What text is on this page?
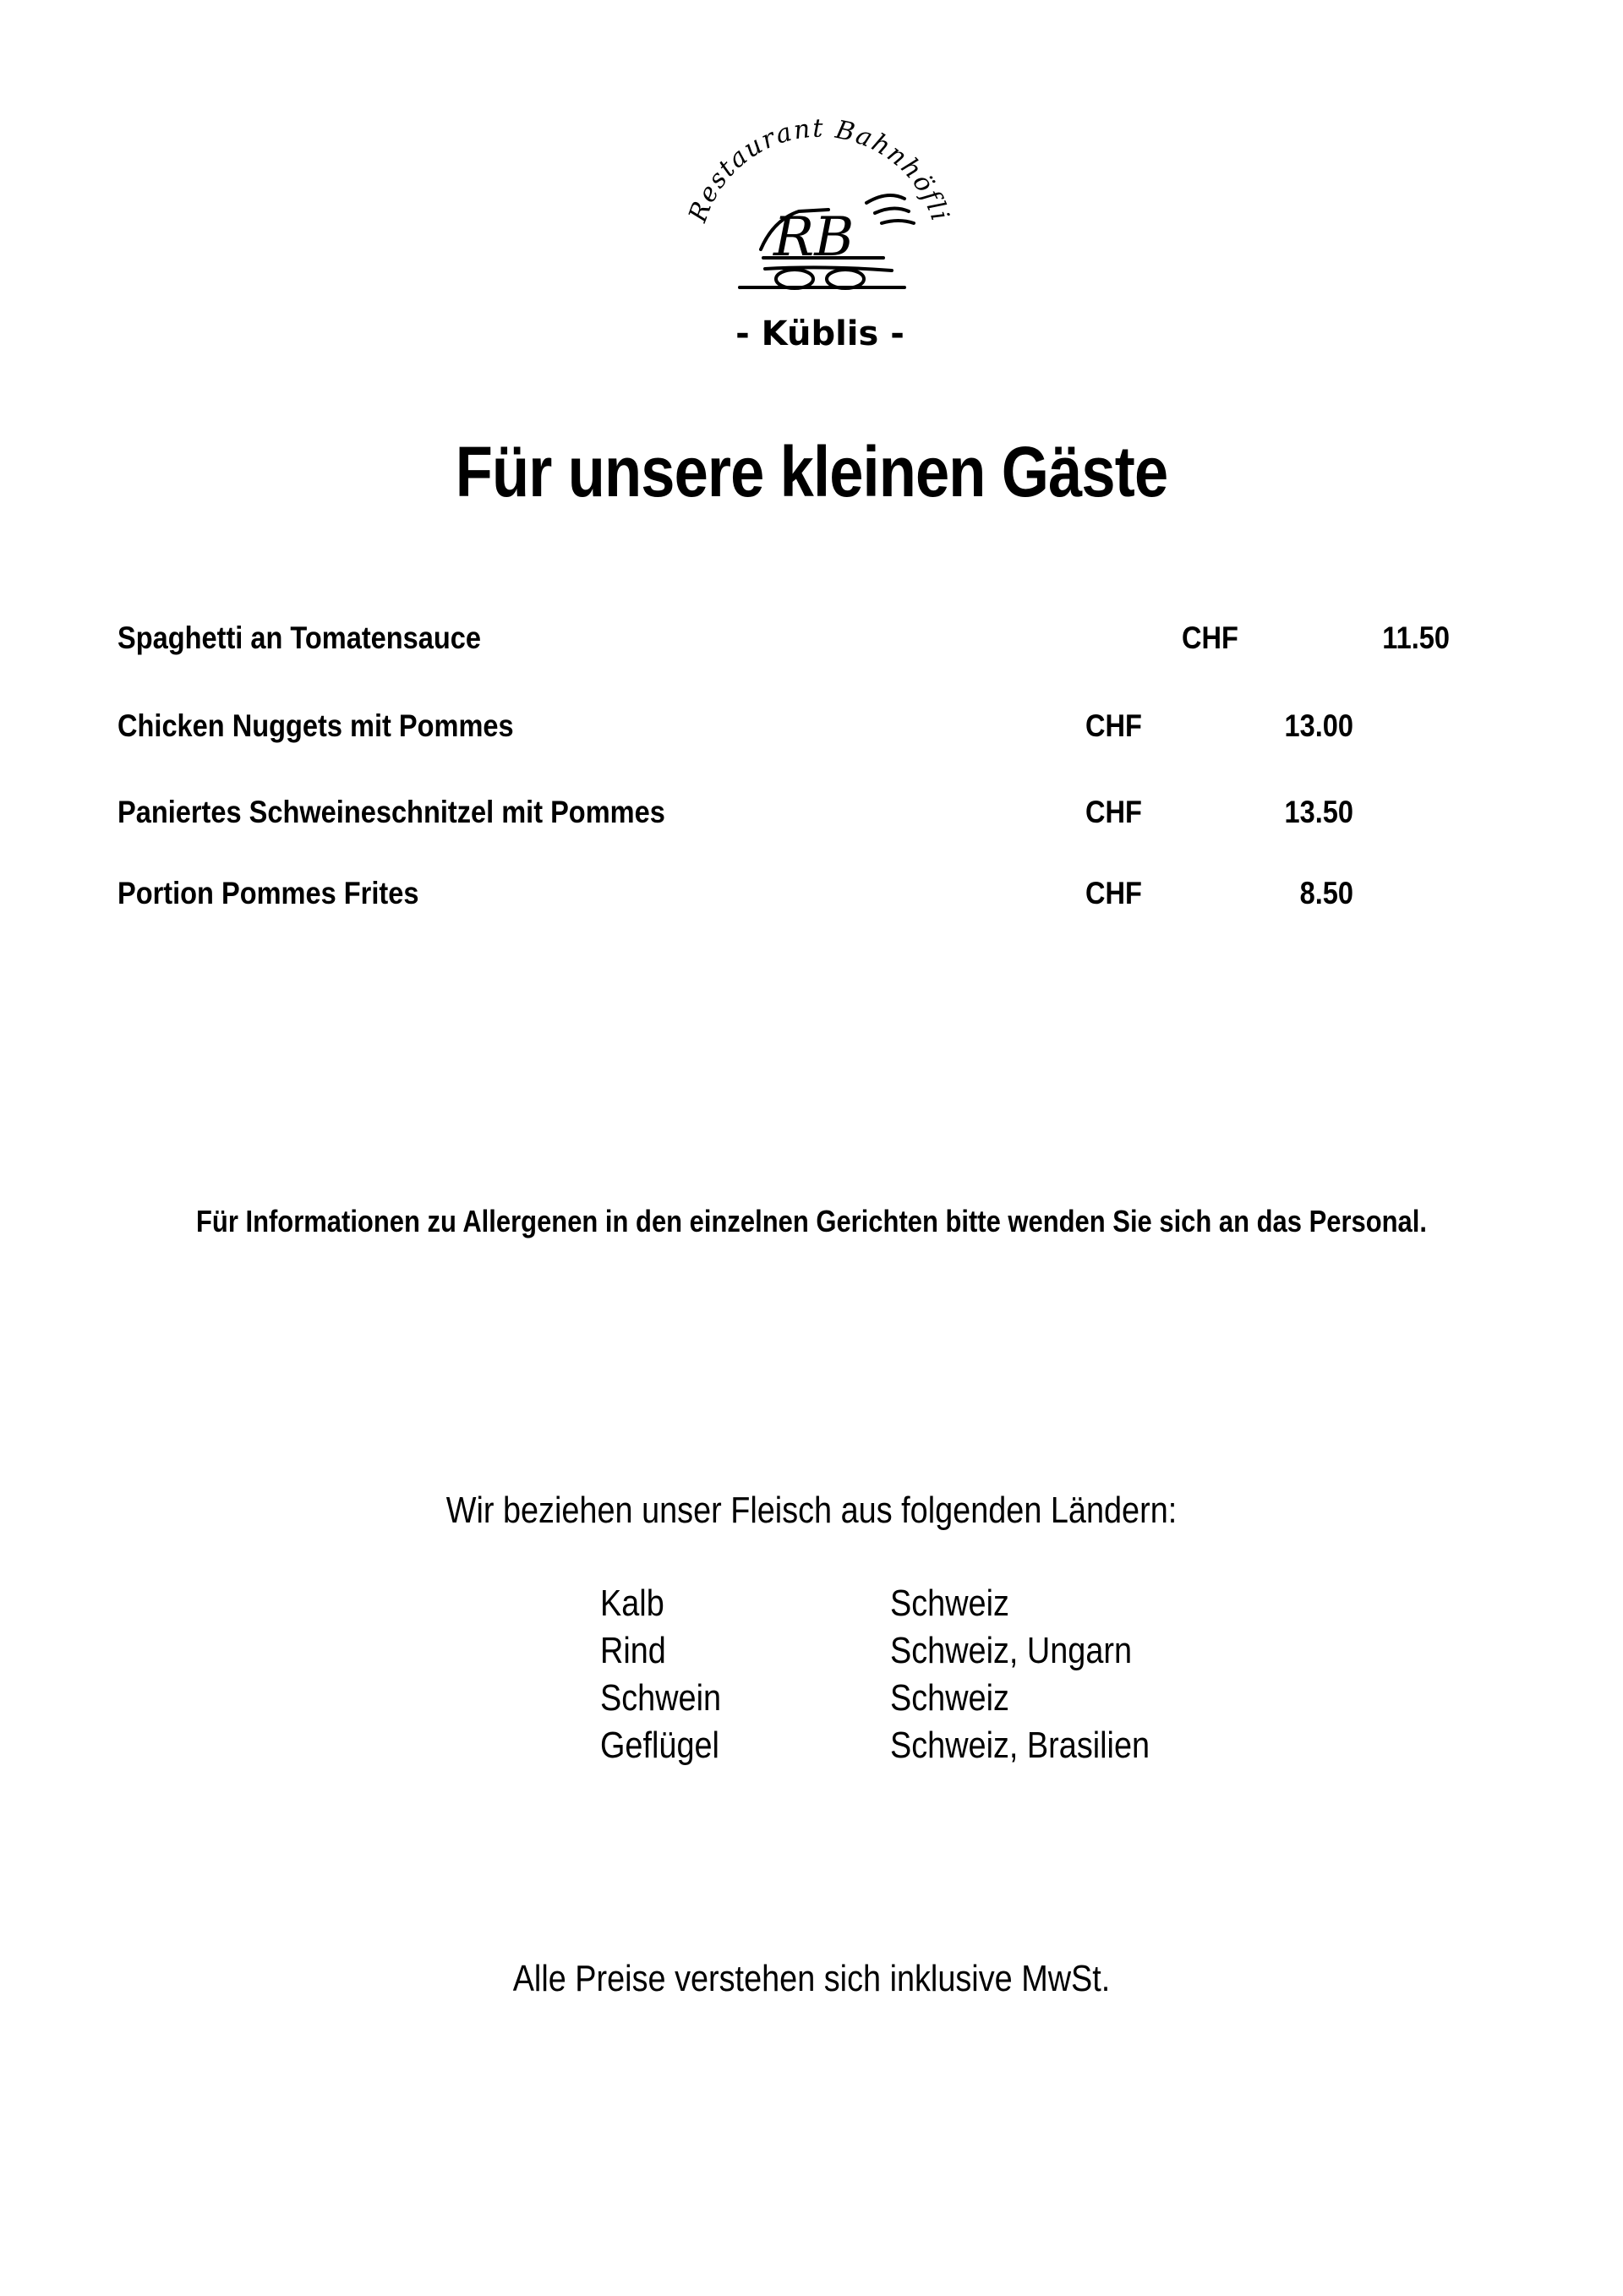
Restaurant Bahnhöfli
RB
- Küblis -
Für unsere kleinen Gäste
Spaghetti an Tomatensauce	CHF	11.50
Chicken Nuggets mit Pommes	CHF	13.00
Paniertes Schweineschnitzel mit Pommes	CHF	13.50
Portion Pommes Frites	CHF	8.50
Für Informationen zu Allergenen in den einzelnen Gerichten bitte wenden Sie sich an das Personal.
Wir beziehen unser Fleisch aus folgenden Ländern:
Kalb	Schweiz
Rind	Schweiz, Ungarn
Schwein	Schweiz
Geflügel	Schweiz, Brasilien
Alle Preise verstehen sich inklusive MwSt.
